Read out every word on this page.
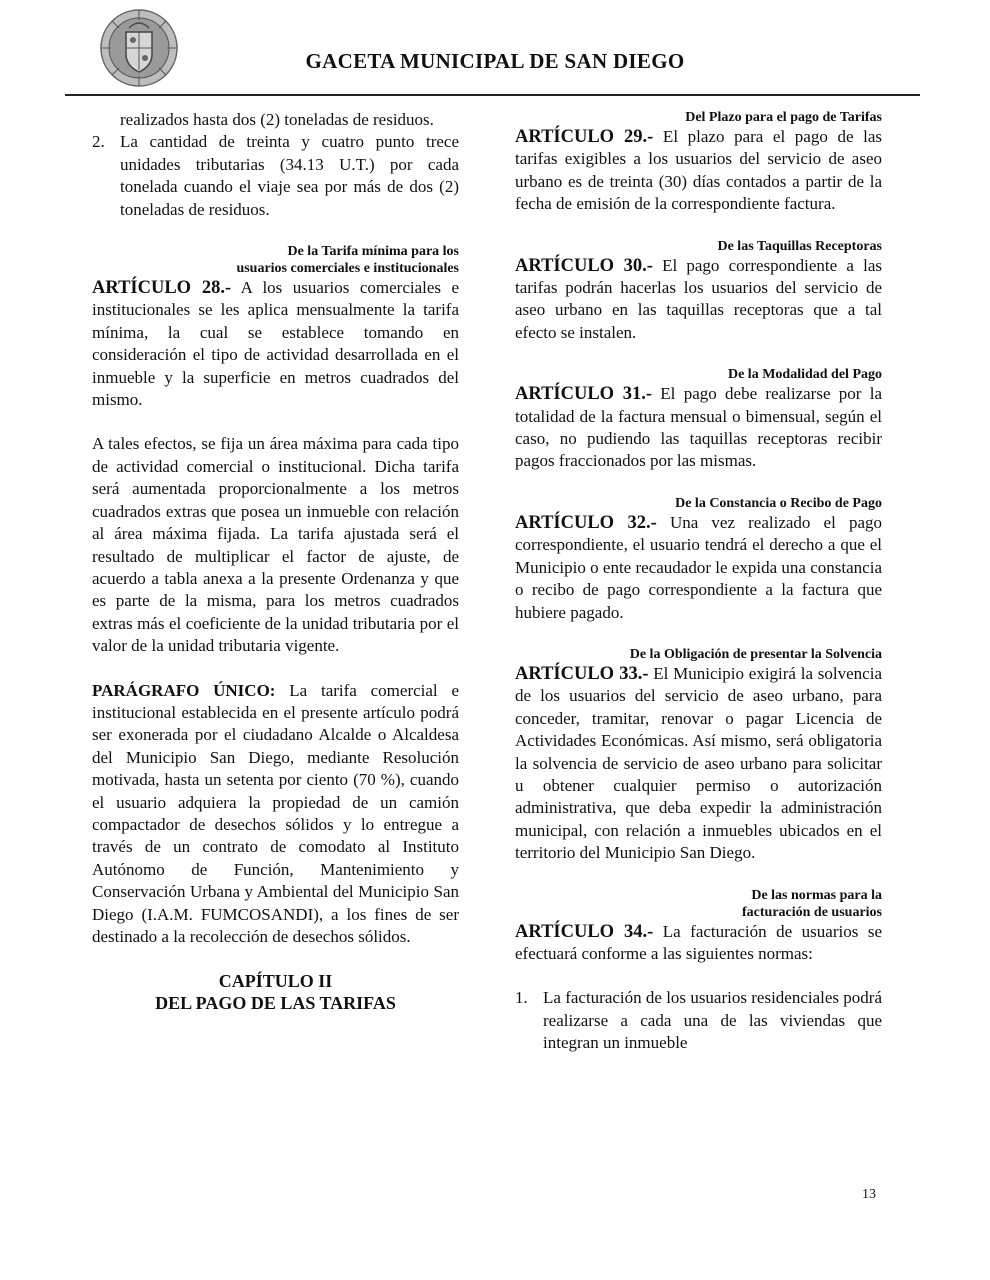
GACETA MUNICIPAL DE SAN DIEGO

realizados hasta dos (2) toneladas de residuos.

2. La cantidad de treinta y cuatro punto trece unidades tributarias (34.13 U.T.) por cada tonelada cuando el viaje sea por más de dos (2) toneladas de residuos.
De la Tarifa mínima para los
usuarios comerciales e institucionales

ARTÍCULO 28.- A los usuarios comerciales e institucionales se les aplica mensualmente la tarifa mínima, la cual se establece tomando en consideración el tipo de actividad desarrollada en el inmueble y la superficie en metros cuadrados del mismo.

A tales efectos, se fija un área máxima para cada tipo de actividad comercial o institucional. Dicha tarifa será aumentada proporcionalmente a los metros cuadrados extras que posea un inmueble con relación al área máxima fijada. La tarifa ajustada será el resultado de multiplicar el factor de ajuste, de acuerdo a tabla anexa a la presente Ordenanza y que es parte de la misma, para los metros cuadrados extras más el coeficiente de la unidad tributaria por el valor de la unidad tributaria vigente.

PARÁGRAFO ÚNICO: La tarifa comercial e institucional establecida en el presente artículo podrá ser exonerada por el ciudadano Alcalde o Alcaldesa del Municipio San Diego, mediante Resolución motivada, hasta un setenta por ciento (70 %), cuando el usuario adquiera la propiedad de un camión compactador de desechos sólidos y lo entregue a través de un contrato de comodato al Instituto Autónomo de Función, Mantenimiento y Conservación Urbana y Ambiental del Municipio San Diego (I.A.M. FUMCOSANDI), a los fines de ser destinado a la recolección de desechos sólidos.

CAPÍTULO II
DEL PAGO DE LAS TARIFAS
Del Plazo para el pago de Tarifas

ARTÍCULO 29.- El plazo para el pago de las tarifas exigibles a los usuarios del servicio de aseo urbano es de treinta (30) días contados a partir de la fecha de emisión de la correspondiente factura.

De las Taquillas Receptoras

ARTÍCULO 30.- El pago correspondiente a las tarifas podrán hacerlas los usuarios del servicio de aseo urbano en las taquillas receptoras que a tal efecto se instalen.

De la Modalidad del Pago

ARTÍCULO 31.- El pago debe realizarse por la totalidad de la factura mensual o bimensual, según el caso, no pudiendo las taquillas receptoras recibir pagos fraccionados por las mismas.

De la Constancia o Recibo de Pago

ARTÍCULO 32.- Una vez realizado el pago correspondiente, el usuario tendrá el derecho a que el Municipio o ente recaudador le expida una constancia o recibo de pago correspondiente a la factura que hubiere pagado.

De la Obligación de presentar la Solvencia

ARTÍCULO 33.- El Municipio exigirá la solvencia de los usuarios del servicio de aseo urbano, para conceder, tramitar, renovar o pagar Licencia de Actividades Económicas. Así mismo, será obligatoria la solvencia de servicio de aseo urbano para solicitar u obtener cualquier permiso o autorización administrativa, que deba expedir la administración municipal, con relación a inmuebles ubicados en el territorio del Municipio San Diego.

De las normas para la
facturación de usuarios

ARTÍCULO 34.- La facturación de usuarios se efectuará conforme a las siguientes normas:

1. La facturación de los usuarios residenciales podrá realizarse a cada una de las viviendas que integran un inmueble
13
